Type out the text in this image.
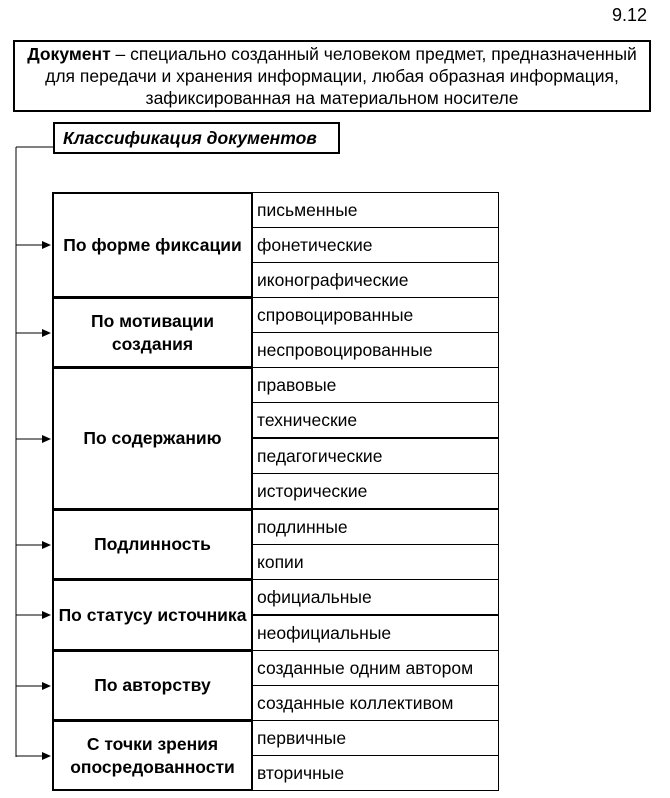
9.12
Документ – специально созданный человеком предмет, предназначенный для передачи и хранения информации, любая образная информация, зафиксированная на материальном носителе
Классификация документов
По форме фиксации
письменные
фонетические
иконографические
По мотивации создания
спровоцированные
неспровоцированные
По содержанию
правовые
технические
педагогические
исторические
Подлинность
подлинные
копии
По статусу источника
официальные
неофициальные
По авторству
созданные одним автором
созданные коллективом
С точки зрения опосредованности
первичные
вторичные
